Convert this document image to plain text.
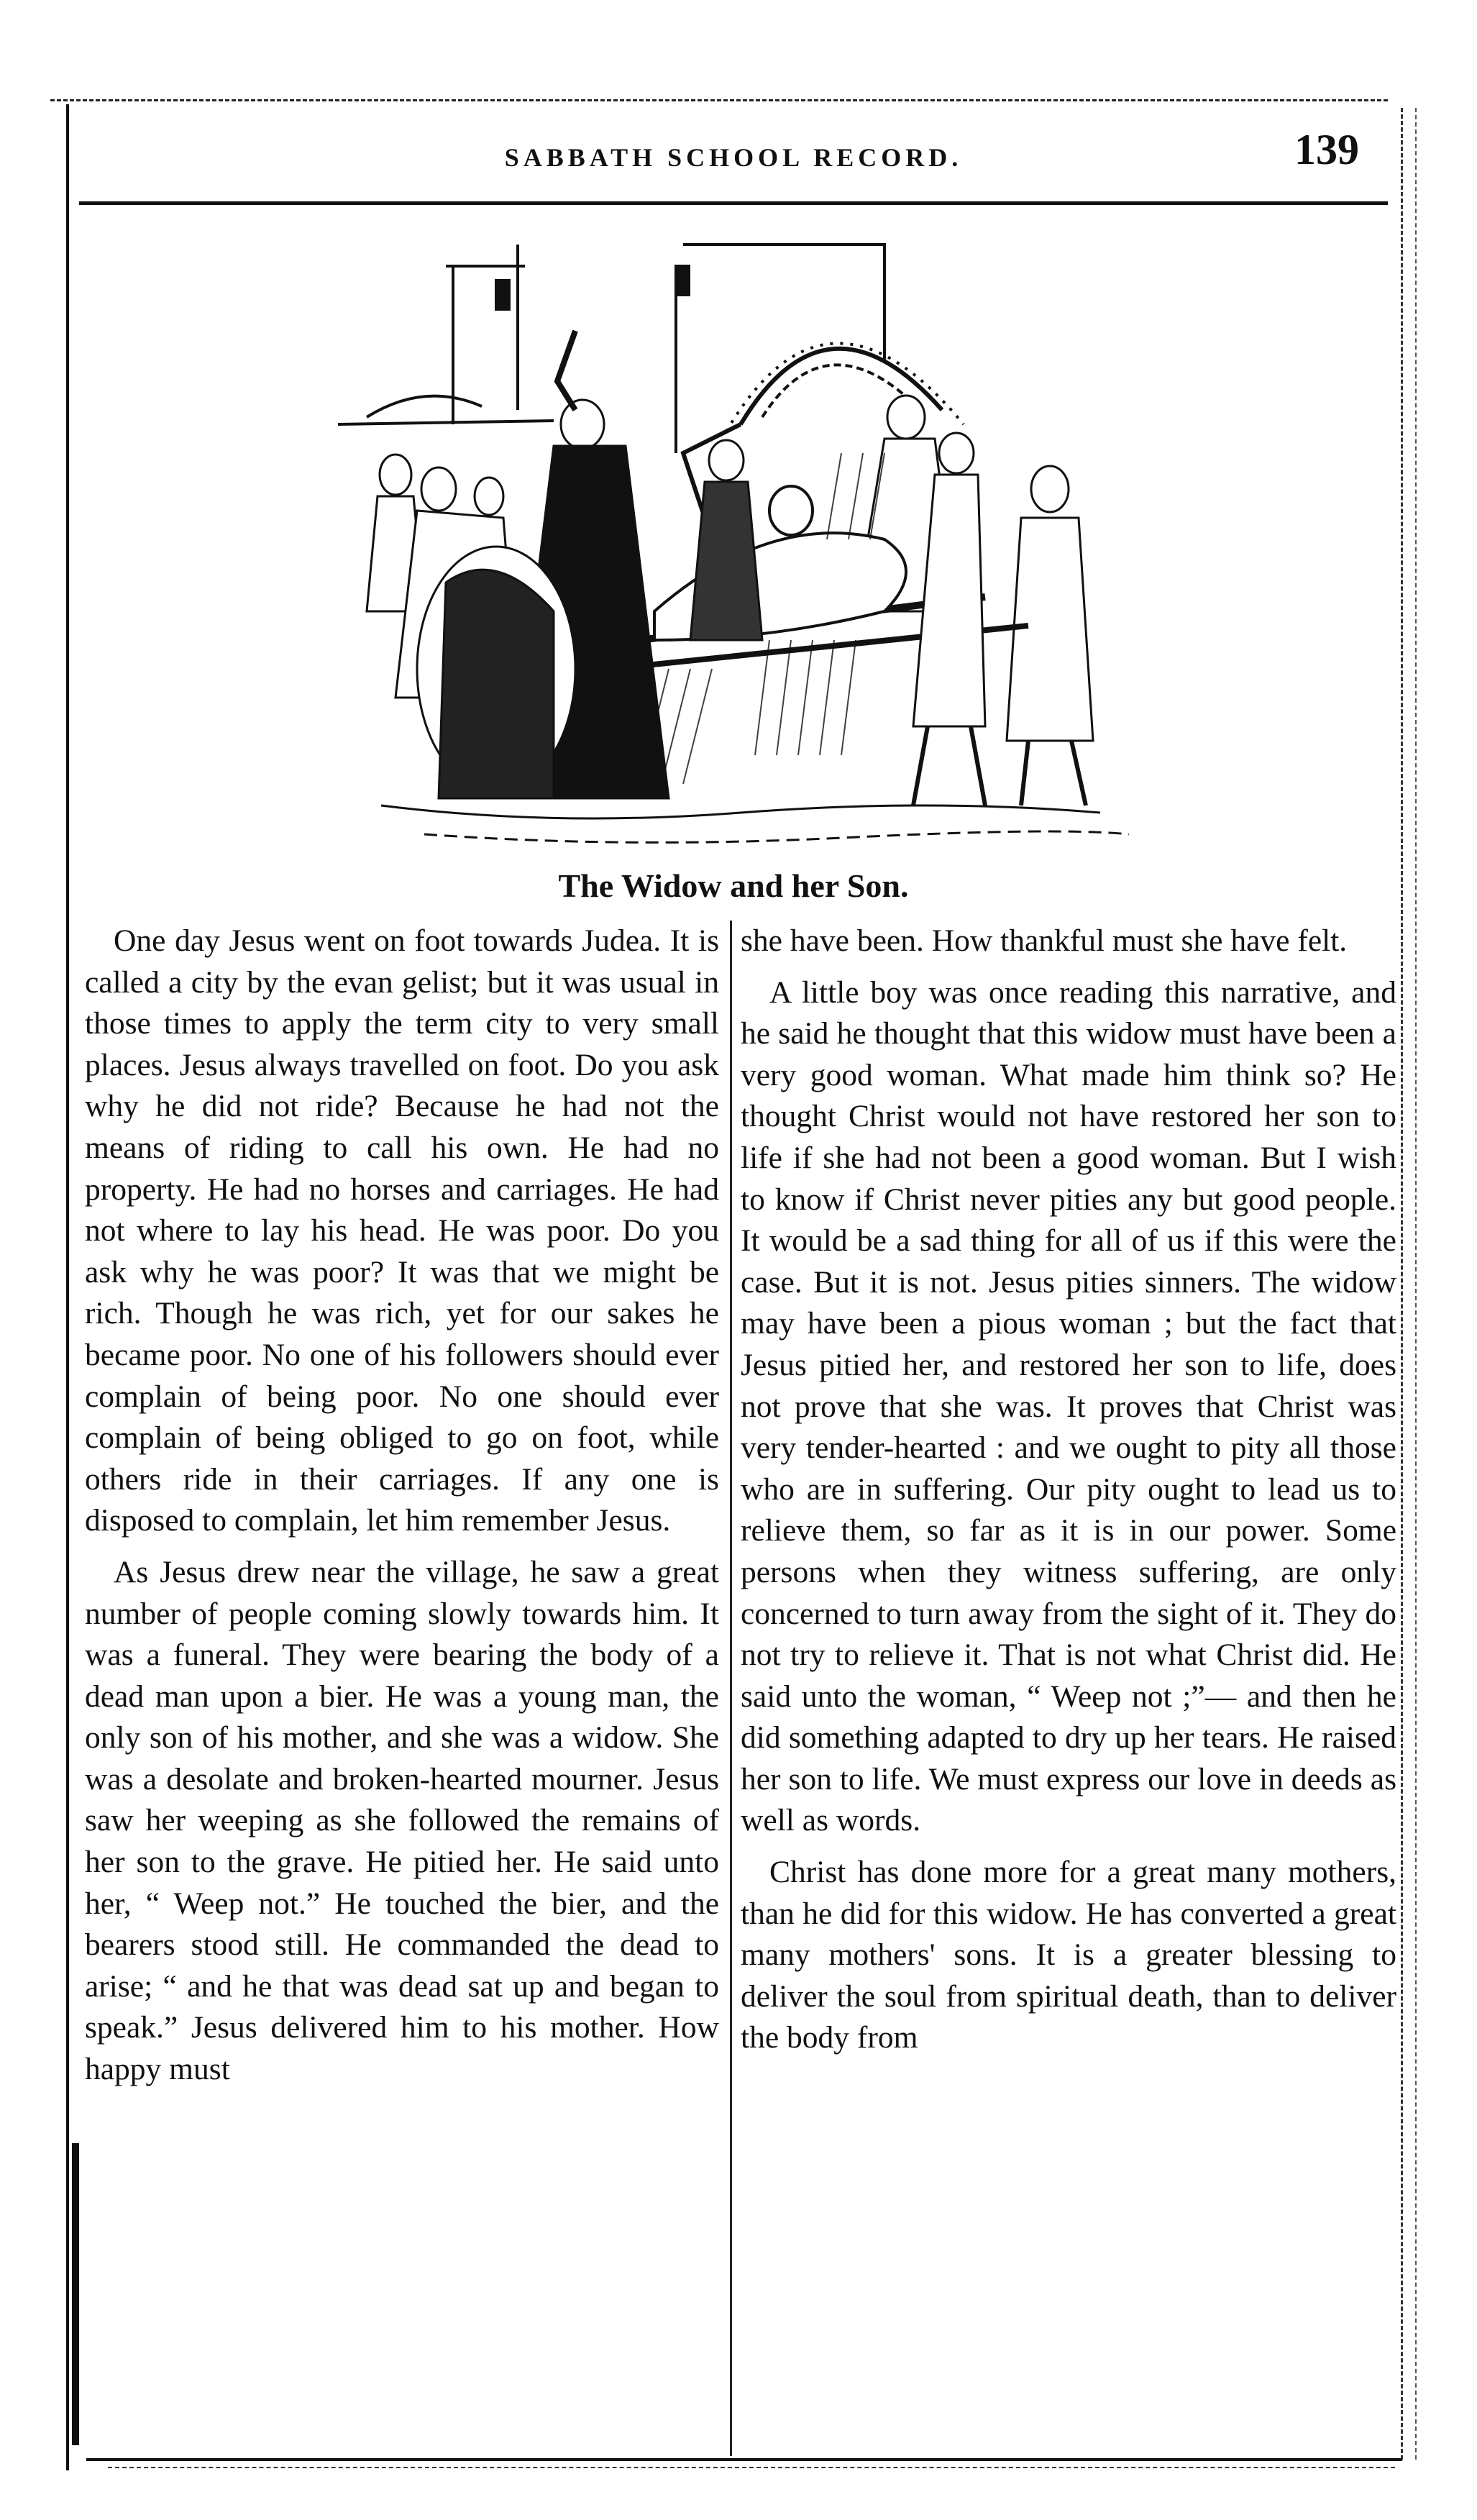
SABBATH SCHOOL RECORD.	139
The Widow and her Son.

One day Jesus went on foot towards Judea. It is called a city by the evan gelist; but it was usual in those times to apply the term city to very small places. Jesus always travelled on foot. Do you ask why he did not ride? Because he had not the means of riding to call his own. He had no property. He had no horses and carriages. He had not where to lay his head. He was poor. Do you ask why he was poor? It was that we might be rich. Though he was rich, yet for our sakes he became poor. No one of his followers should ever complain of being poor. No one should ever complain of being obliged to go on foot, while others ride in their carriages. If any one is disposed to complain, let him remember Jesus.

As Jesus drew near the village, he saw a great number of people coming slowly towards him. It was a funeral. They were bearing the body of a dead man upon a bier. He was a young man, the only son of his mother, and she was a widow. She was a desolate and broken-hearted mourner. Jesus saw her weeping as she followed the remains of her son to the grave. He pitied her. He said unto her, “ Weep not.” He touched the bier, and the bearers stood still. He commanded the dead to arise; “ and he that was dead sat up and began to speak.” Jesus delivered him to his mother. How happy must

she have been. How thankful must she have felt.

A little boy was once reading this narrative, and he said he thought that this widow must have been a very good woman. What made him think so? He thought Christ would not have restored her son to life if she had not been a good woman. But I wish to know if Christ never pities any but good people. It would be a sad thing for all of us if this were the case. But it is not. Jesus pities sinners. The widow may have been a pious woman ; but the fact that Jesus pitied her, and restored her son to life, does not prove that she was. It proves that Christ was very tender-hearted : and we ought to pity all those who are in suffering. Our pity ought to lead us to relieve them, so far as it is in our power. Some persons when they witness suffering, are only concerned to turn away from the sight of it. They do not try to relieve it. That is not what Christ did. He said unto the woman, “ Weep not ;”— and then he did something adapted to dry up her tears. He raised her son to life. We must express our love in deeds as well as words.

Christ has done more for a great many mothers, than he did for this widow. He has converted a great many mothers' sons. It is a greater blessing to deliver the soul from spiritual death, than to deliver the body from
